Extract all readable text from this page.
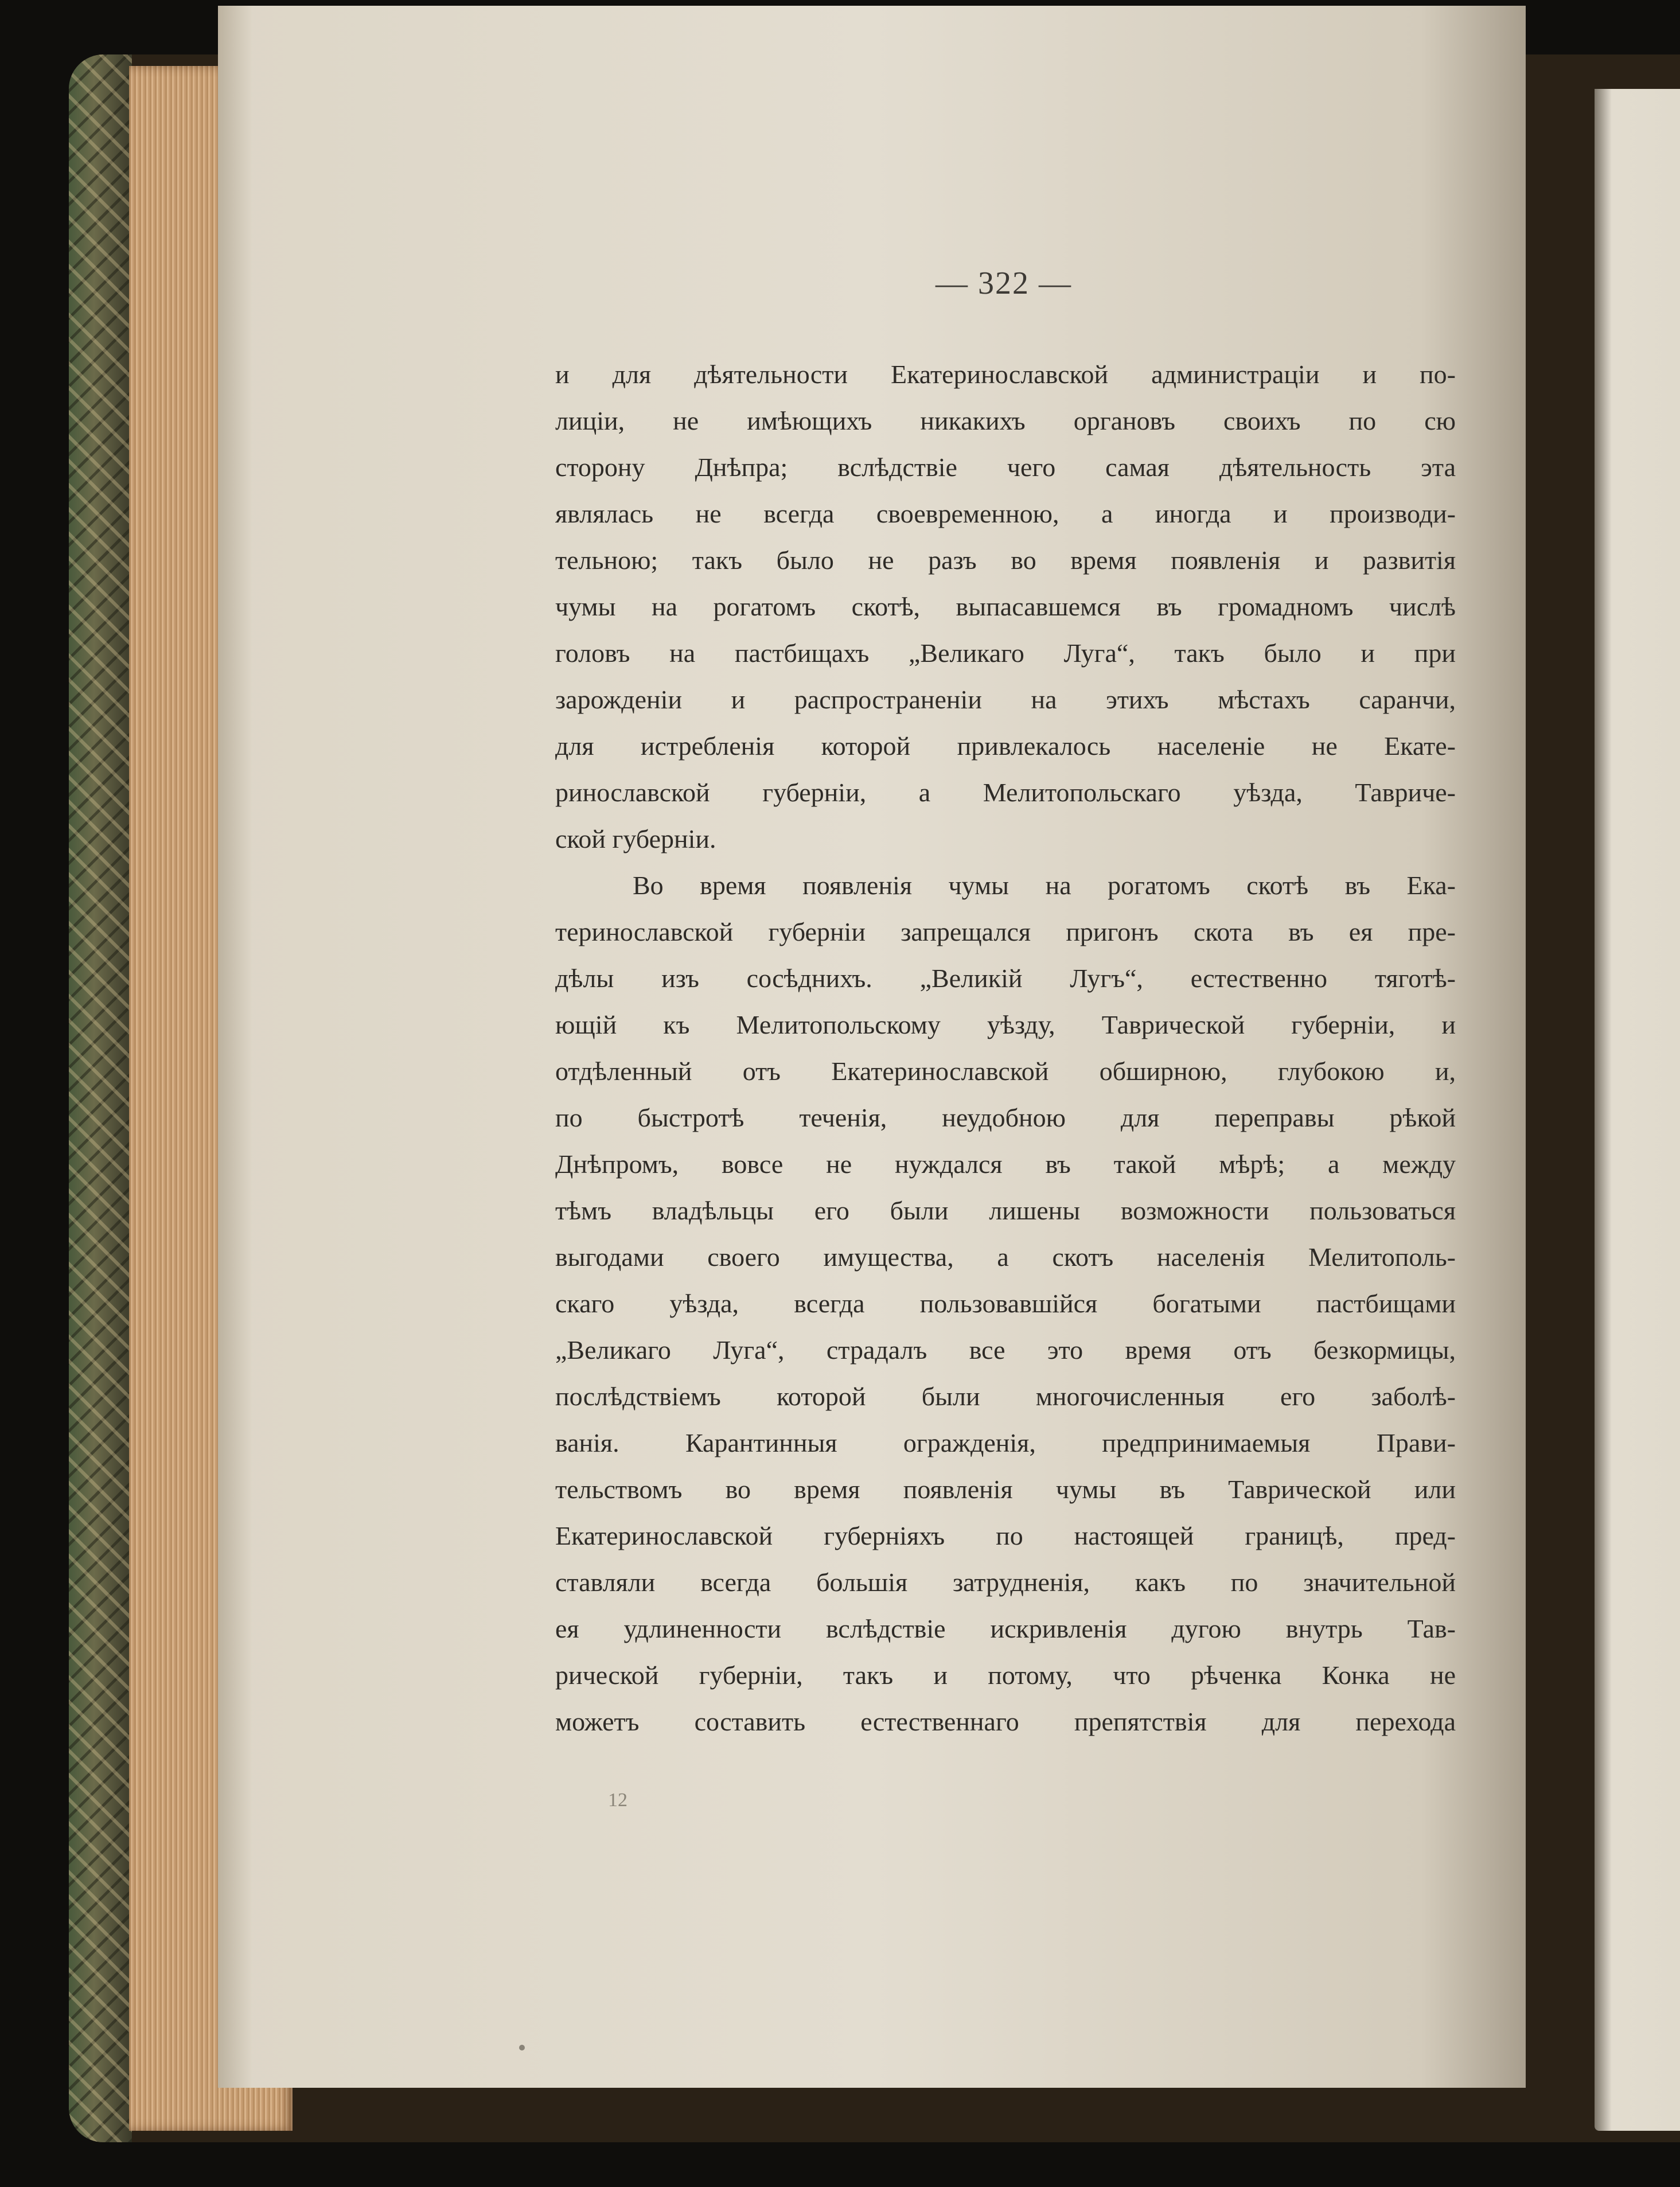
— 322 —
и для дѣятельности Екатеринославской администраціи и по-
лиціи, не имѣющихъ никакихъ органовъ своихъ по сю
сторону Днѣпра; вслѣдствіе чего самая дѣятельность эта
являлась не всегда своевременною, а иногда и производи-
тельною; такъ было не разъ во время появленія и развитія
чумы на рогатомъ скотѣ, выпасавшемся въ громадномъ числѣ
головъ на пастбищахъ „Великаго Луга“, такъ было и при
зарожденіи и распространеніи на этихъ мѣстахъ саранчи,
для истребленія которой привлекалось населеніе не Екате-
ринославской губерніи, а Мелитопольскаго уѣзда, Тавриче-
ской губерніи.
Во время появленія чумы на рогатомъ скотѣ въ Ека-
теринославской губерніи запрещался пригонъ скота въ ея пре-
дѣлы изъ сосѣднихъ. „Великій Лугъ“, естественно тяготѣ-
ющій къ Мелитопольскому уѣзду, Таврической губерніи, и
отдѣленный отъ Екатеринославской обширною, глубокою и,
по быстротѣ теченія, неудобною для переправы рѣкой
Днѣпромъ, вовсе не нуждался въ такой мѣрѣ; а между
тѣмъ владѣльцы его были лишены возможности пользоваться
выгодами своего имущества, а скотъ населенія Мелитополь-
скаго уѣзда, всегда пользовавшійся богатыми пастбищами
„Великаго Луга“, страдалъ все это время отъ безкормицы,
послѣдствіемъ которой были многочисленныя его заболѣ-
ванія. Карантинныя огражденія, предпринимаемыя Прави-
тельствомъ во время появленія чумы въ Таврической или
Екатеринославской губерніяхъ по настоящей границѣ, пред-
ставляли всегда большія затрудненія, какъ по значительной
ея удлиненности вслѣдствіе искривленія дугою внутрь Тав-
рической губерніи, такъ и потому, что рѣченка Конка не
можетъ составить естественнаго препятствія для перехода
12
